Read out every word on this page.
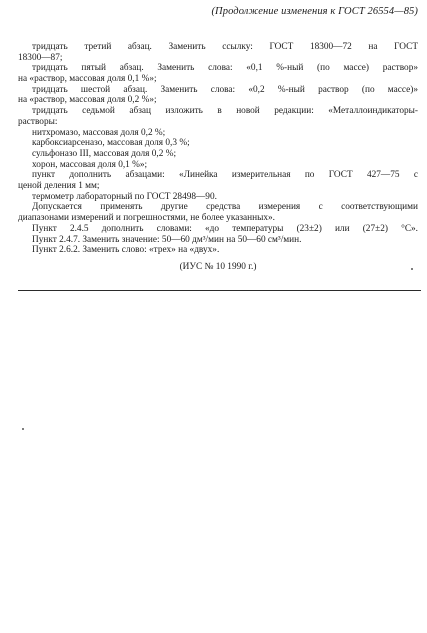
(Продолжение изменения к ГОСТ 26554—85)
тридцать третий абзац. Заменить ссылку: ГОСТ 18300—72 на ГОСТ
18300—87;
тридцать пятый абзац. Заменить слова: «0,1 %-ный (по массе) раствор»
на «раствор, массовая доля 0,1 %»;
тридцать шестой абзац. Заменить слова: «0,2 %-ный раствор (по массе)»
на «раствор, массовая доля 0,2 %»;
тридцать седьмой абзац изложить в новой редакции: «Металлоиндикаторы-
растворы:
нитхромазо, массовая доля 0,2 %;
карбоксиарсеназо, массовая доля 0,3 %;
сульфоназо III, массовая доля 0,2 %;
хорон, массовая доля 0,1 %»;
пункт дополнить абзацами: «Линейка измерительная по ГОСТ 427—75 с
ценой деления 1 мм;
термометр лабораторный по ГОСТ 28498—90.
Допускается применять другие средства измерения с соответствующими
диапазонами измерений и погрешностями, не более указанных».
Пункт 2.4.5 дополнить словами: «до температуры (23±2) или (27±2) °С».
Пункт 2.4.7. Заменить значение: 50—60 дм³/мин на 50—60 см³/мин.
Пункт 2.6.2. Заменить слово: «трех» на «двух».
(ИУС № 10 1990 г.)
